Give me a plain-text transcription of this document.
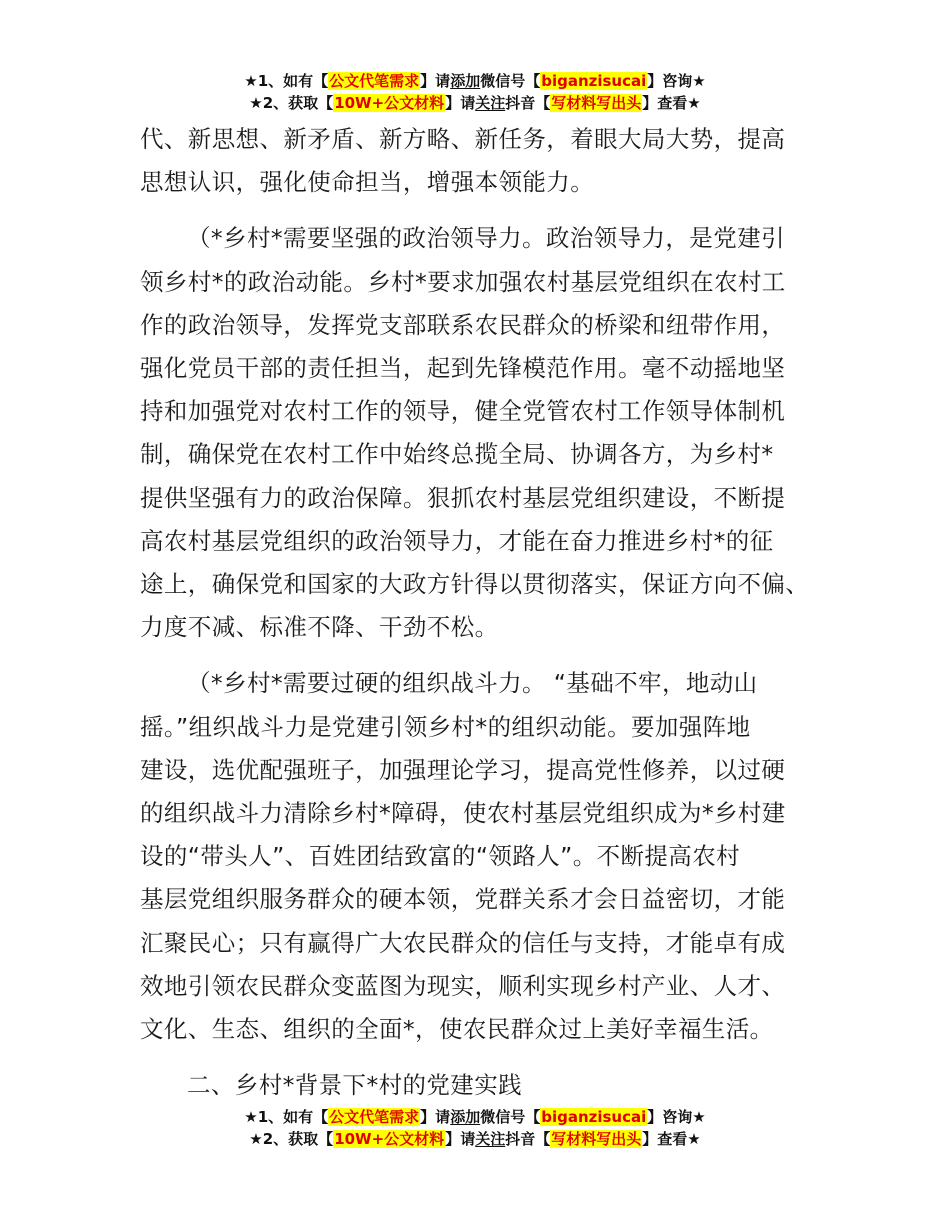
★1、如有【公文代笔需求】请添加微信号【biganzisucai】咨询★
★2、获取【10W+公文材料】请关注抖音【写材料写出头】查看★

代、新思想、新矛盾、新方略、新任务，着眼大局大势，提高
思想认识，强化使命担当，增强本领能力。

（*乡村*需要坚强的政治领导力。政治领导力，是党建引
领乡村*的政治动能。乡村*要求加强农村基层党组织在农村工
作的政治领导，发挥党支部联系农民群众的桥梁和纽带作用，
强化党员干部的责任担当，起到先锋模范作用。毫不动摇地坚
持和加强党对农村工作的领导，健全党管农村工作领导体制机
制，确保党在农村工作中始终总揽全局、协调各方，为乡村*
提供坚强有力的政治保障。狠抓农村基层党组织建设，不断提
高农村基层党组织的政治领导力，才能在奋力推进乡村*的征
途上，确保党和国家的大政方针得以贯彻落实，保证方向不偏、
力度不减、标准不降、干劲不松。

（*乡村*需要过硬的组织战斗力。 “基础不牢，地动山
摇。”组织战斗力是党建引领乡村*的组织动能。要加强阵地
建设，选优配强班子，加强理论学习，提高党性修养，以过硬
的组织战斗力清除乡村*障碍，使农村基层党组织成为*乡村建
设的“带头人”、百姓团结致富的“领路人”。不断提高农村
基层党组织服务群众的硬本领，党群关系才会日益密切，才能
汇聚民心；只有赢得广大农民群众的信任与支持，才能卓有成
效地引领农民群众变蓝图为现实，顺利实现乡村产业、人才、
文化、生态、组织的全面*，使农民群众过上美好幸福生活。

二、乡村*背景下*村的党建实践

★1、如有【公文代笔需求】请添加微信号【biganzisucai】咨询★
★2、获取【10W+公文材料】请关注抖音【写材料写出头】查看★
